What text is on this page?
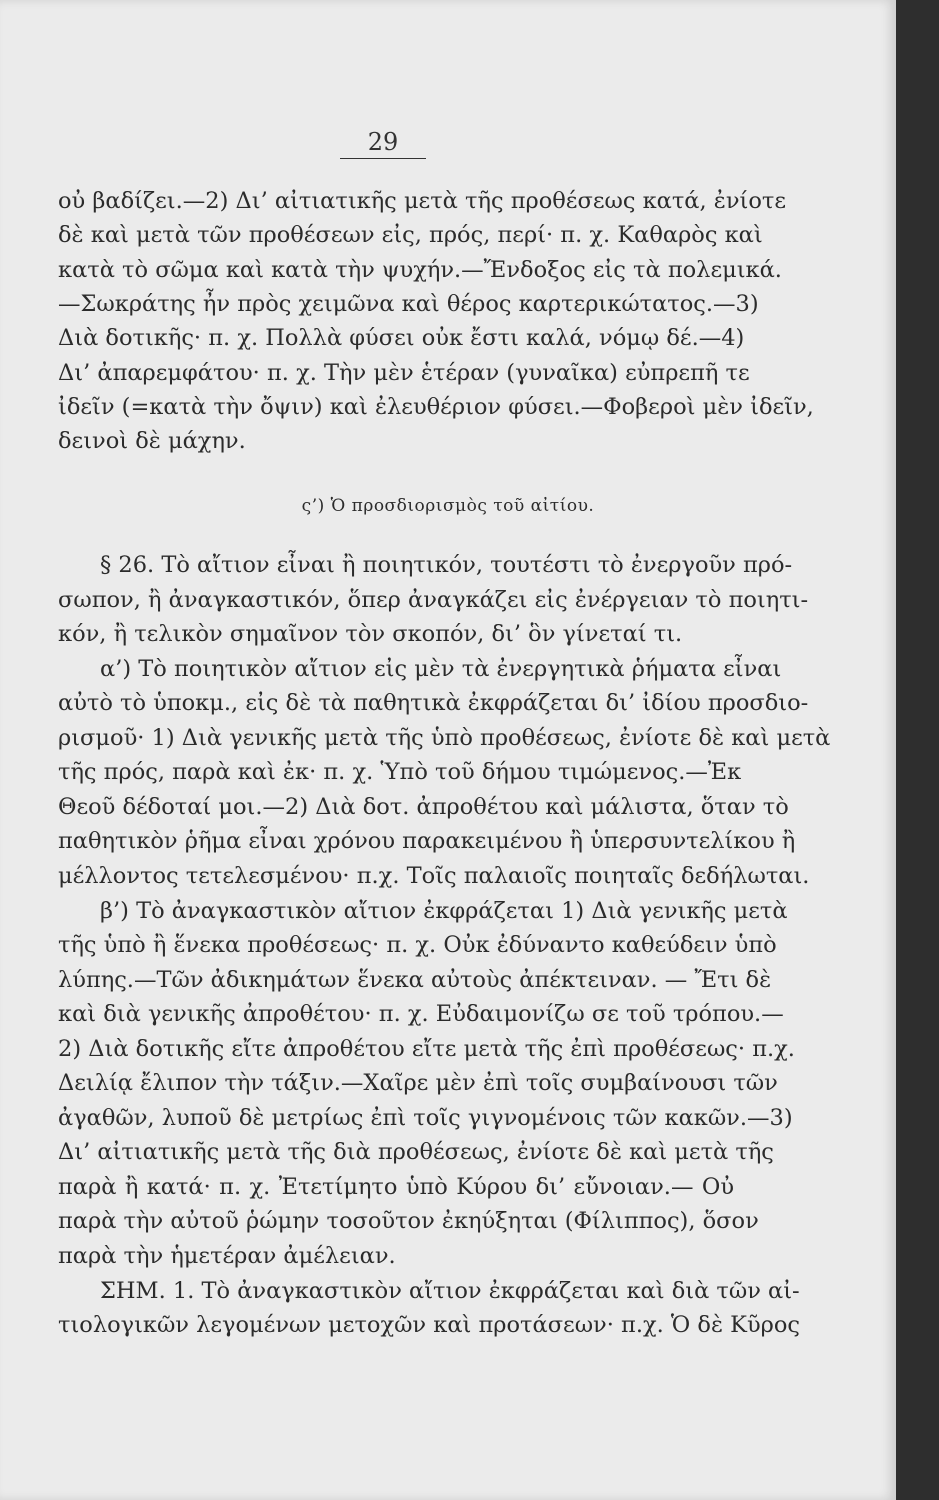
29
οὐ βαδίζει.—2) Δι’ αἰτιατικῆς μετὰ τῆς προθέσεως κατά, ἐνίοτε
δὲ καὶ μετὰ τῶν προθέσεων εἰς, πρός, περί· π. χ. Καθαρὸς καὶ
κατὰ τὸ σῶμα καὶ κατὰ τὴν ψυχήν.—Ἔνδοξος εἰς τὰ πολεμικά.
—Σωκράτης ἦν πρὸς χειμῶνα καὶ θέρος καρτερικώτατος.—3)
Διὰ δοτικῆς· π. χ. Πολλὰ φύσει οὐκ ἔστι καλά, νόμῳ δέ.—4)
Δι’ ἀπαρεμφάτου· π. χ. Τὴν μὲν ἑτέραν (γυναῖκα) εὐπρεπῆ τε
ἰδεῖν (=κατὰ τὴν ὄψιν) καὶ ἐλευθέριον φύσει.—Φοβεροὶ μὲν ἰδεῖν,
δεινοὶ δὲ μάχην.
ς’) Ὁ προσδιορισμὸς τοῦ αἰτίου.
§ 26. Τὸ αἴτιον εἶναι ἢ ποιητικόν, τουτέστι τὸ ἐνεργοῦν πρό-
σωπον, ἢ ἀναγκαστικόν, ὅπερ ἀναγκάζει εἰς ἐνέργειαν τὸ ποιητι-
κόν, ἢ τελικὸν σημαῖνον τὸν σκοπόν, δι’ ὃν γίνεταί τι.
α’) Τὸ ποιητικὸν αἴτιον εἰς μὲν τὰ ἐνεργητικὰ ῥήματα εἶναι
αὐτὸ τὸ ὑποκμ., εἰς δὲ τὰ παθητικὰ ἐκφράζεται δι’ ἰδίου προσδιο-
ρισμοῦ· 1) Διὰ γενικῆς μετὰ τῆς ὑπὸ προθέσεως, ἐνίοτε δὲ καὶ μετὰ
τῆς πρός, παρὰ καὶ ἐκ· π. χ. Ὑπὸ τοῦ δήμου τιμώμενος.—Ἐκ
Θεοῦ δέδοταί μοι.—2) Διὰ δοτ. ἀπροθέτου καὶ μάλιστα, ὅταν τὸ
παθητικὸν ῥῆμα εἶναι χρόνου παρακειμένου ἢ ὑπερσυντελίκου ἢ
μέλλοντος τετελεσμένου· π.χ. Τοῖς παλαιοῖς ποιηταῖς δεδήλωται.
β’) Τὸ ἀναγκαστικὸν αἴτιον ἐκφράζεται 1) Διὰ γενικῆς μετὰ
τῆς ὑπὸ ἢ ἕνεκα προθέσεως· π. χ. Οὐκ ἐδύναντο καθεύδειν ὑπὸ
λύπης.—Τῶν ἀδικημάτων ἕνεκα αὐτοὺς ἀπέκτειναν. — Ἔτι δὲ
καὶ διὰ γενικῆς ἀπροθέτου· π. χ. Εὐδαιμονίζω σε τοῦ τρόπου.—
2) Διὰ δοτικῆς εἴτε ἀπροθέτου εἴτε μετὰ τῆς ἐπὶ προθέσεως· π.χ.
Δειλίᾳ ἔλιπον τὴν τάξιν.—Χαῖρε μὲν ἐπὶ τοῖς συμβαίνουσι τῶν
ἀγαθῶν, λυποῦ δὲ μετρίως ἐπὶ τοῖς γιγνομένοις τῶν κακῶν.—3)
Δι’ αἰτιατικῆς μετὰ τῆς διὰ προθέσεως, ἐνίοτε δὲ καὶ μετὰ τῆς
παρὰ ἢ κατά· π. χ. Ἐτετίμητο ὑπὸ Κύρου δι’ εὔνοιαν.— Οὐ
παρὰ τὴν αὐτοῦ ῥώμην τοσοῦτον ἐκηύξηται (Φίλιππος), ὅσον
παρὰ τὴν ἡμετέραν ἀμέλειαν.
ΣΗΜ. 1. Τὸ ἀναγκαστικὸν αἴτιον ἐκφράζεται καὶ διὰ τῶν αἰ-
τιολογικῶν λεγομένων μετοχῶν καὶ προτάσεων· π.χ. Ὁ δὲ Κῦρος
